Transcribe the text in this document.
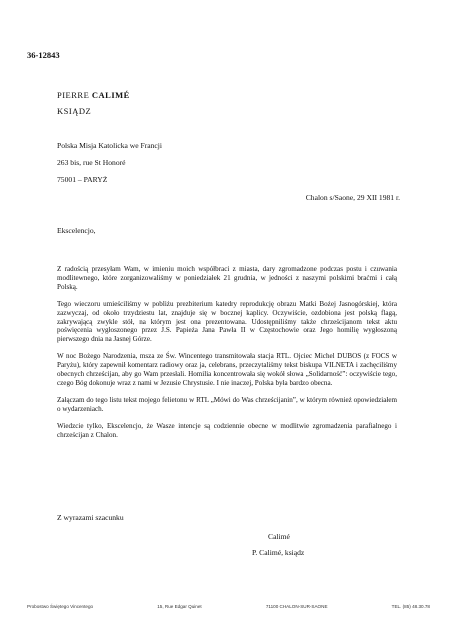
36-12843
PIERRE CALIMÉ
KSIĄDZ
Polska Misja Katolicka we Francji
263 bis, rue St Honoré
75001 – PARYŻ
Chalon s/Saone, 29 XII 1981 r.
Ekscelencjo,

Z radością przesyłam Wam, w imieniu moich współbraci z miasta, dary zgromadzone podczas postu i czuwania modlitewnego, które zorganizowaliśmy w poniedziałek 21 grudnia, w jedności z naszymi polskimi braćmi i całą Polską.

Tego wieczoru umieściliśmy w pobliżu prezbiterium katedry reprodukcję obrazu Matki Bożej Jasnogórskiej, która zazwyczaj, od około trzydziestu lat, znajduje się w bocznej kaplicy. Oczywiście, ozdobiona jest polską flagą, zakrywającą zwykle stół, na którym jest ona prezentowana. Udostępniliśmy także chrześcijanom tekst aktu poświęcenia wygłoszonego przez J.S. Papieża Jana Pawła II w Częstochowie oraz Jego homilię wygłoszoną pierwszego dnia na Jasnej Górze.

W noc Bożego Narodzenia, msza ze Św. Wincentego transmitowała stacja RTL. Ojciec Michel DUBOS (z FOCS w Paryżu), który zapewnił komentarz radiowy oraz ja, celebrans, przeczytaliśmy tekst biskupa VILNETA i zachęciliśmy obecnych chrześcijan, aby go Wam przesłali. Homilia koncentrowała się wokół słowa „Solidarność”: oczywiście tego, czego Bóg dokonuje wraz z nami w Jezusie Chrystusie. I nie inaczej, Polska była bardzo obecna.

Załączam do tego listu tekst mojego felietonu w RTL „Mówi do Was chrześcijanin”, w którym również opowiedziałem o wydarzeniach.

Wiedzcie tylko, Ekscelencjo, że Wasze intencje są codziennie obecne w modlitwie zgromadzenia parafialnego i chrześcijan z Chalon.

Z wyrazami szacunku
Calimé
P. Calimé, ksiądz
Probostwo Świętego Vincentego	15, Rue Edgar Quinet	71100 CHALON-SUR-SAONE	TEL. (85) 48.30.78
